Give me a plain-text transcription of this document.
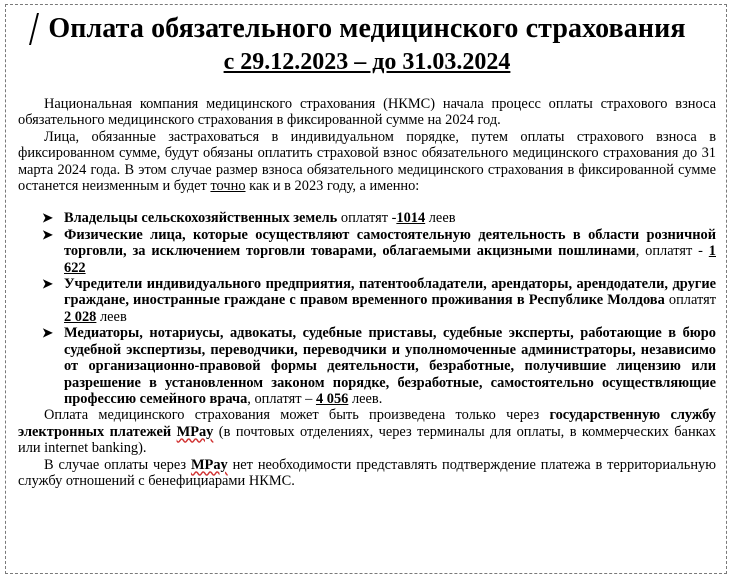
Оплата обязательного медицинского страхования
с 29.12.2023 – до 31.03.2024

Национальная компания медицинского страхования (НКМС) начала процесс оплаты страхового взноса обязательного медицинского страхования в фиксированной сумме на 2024 год.

Лица, обязанные застраховаться в индивидуальном порядке, путем оплаты страхового взноса в фиксированном сумме, будут обязаны оплатить страховой взнос обязательного медицинского страхования до 31 марта 2024 года. В этом случае размер взноса обязательного медицинского страхования в фиксированной сумме останется неизменным и будет точно как и в 2023 году, а именно:

➤ Владельцы сельскохозяйственных земель оплатят -1014 леев
➤ Физические лица, которые осуществляют самостоятельную деятельность в области розничной торговли, за исключением торговли товарами, облагаемыми акцизными пошлинами, оплатят - 1 622
➤ Учредители индивидуального предприятия, патентообладатели, арендаторы, арендодатели, другие граждане, иностранные граждане с правом временного проживания в Республике Молдова оплатят 2 028 леев
➤ Медиаторы, нотариусы, адвокаты, судебные приставы, судебные эксперты, работающие в бюро судебной экспертизы, переводчики, переводчики и уполномоченные администраторы, независимо от организационно-правовой формы деятельности, безработные, получившие лицензию или разрешение в установленном законом порядке, безработные, самостоятельно осуществляющие профессию семейного врача, оплатят – 4 056 леев.

Оплата медицинского страхования может быть произведена только через государственную службу электронных платежей MPay (в почтовых отделениях, через терминалы для оплаты, в коммерческих банках или internet banking).

В случае оплаты через MPay нет необходимости представлять подтверждение платежа в территориальную службу отношений с бенефициарами НКМС.
